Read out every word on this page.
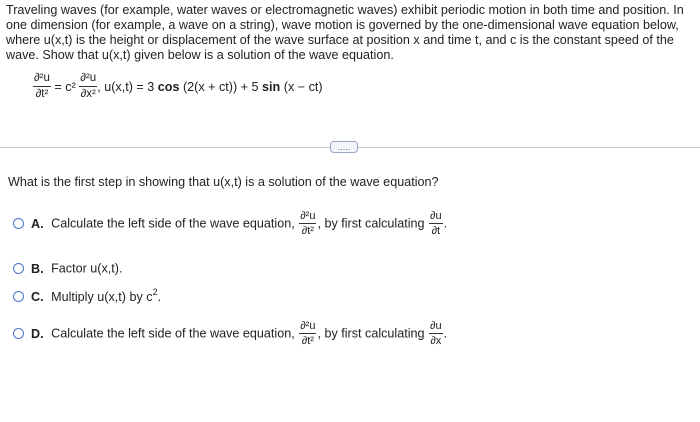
Traveling waves (for example, water waves or electromagnetic waves) exhibit periodic motion in both time and position. In one dimension (for example, a wave on a string), wave motion is governed by the one-dimensional wave equation below, where u(x,t) is the height or displacement of the wave surface at position x and time t, and c is the constant speed of the wave. Show that u(x,t) given below is a solution of the wave equation.
$\frac{\text{∂²u}}{\text{∂t²}} = c^2 \frac{\text{∂²u}}{\text{∂x²}}$ , u(x,t) = 3 cos (2(x + ct)) + 5 sin (x − ct)
.....
What is the first step in showing that u(x,t) is a solution of the wave equation?
A. Calculate the left side of the wave equation, $\frac{\text{∂²u}}{\text{∂t²}}$ , by first calculating $\frac{\partial u}{\partial t}$ .
B. Factor u(x,t).
C. Multiply u(x,t) by $c^2$.
D. Calculate the left side of the wave equation, $\frac{\text{∂²u}}{\text{∂t²}}$ , by first calculating $\frac{\partial u}{\partial x}$ .
